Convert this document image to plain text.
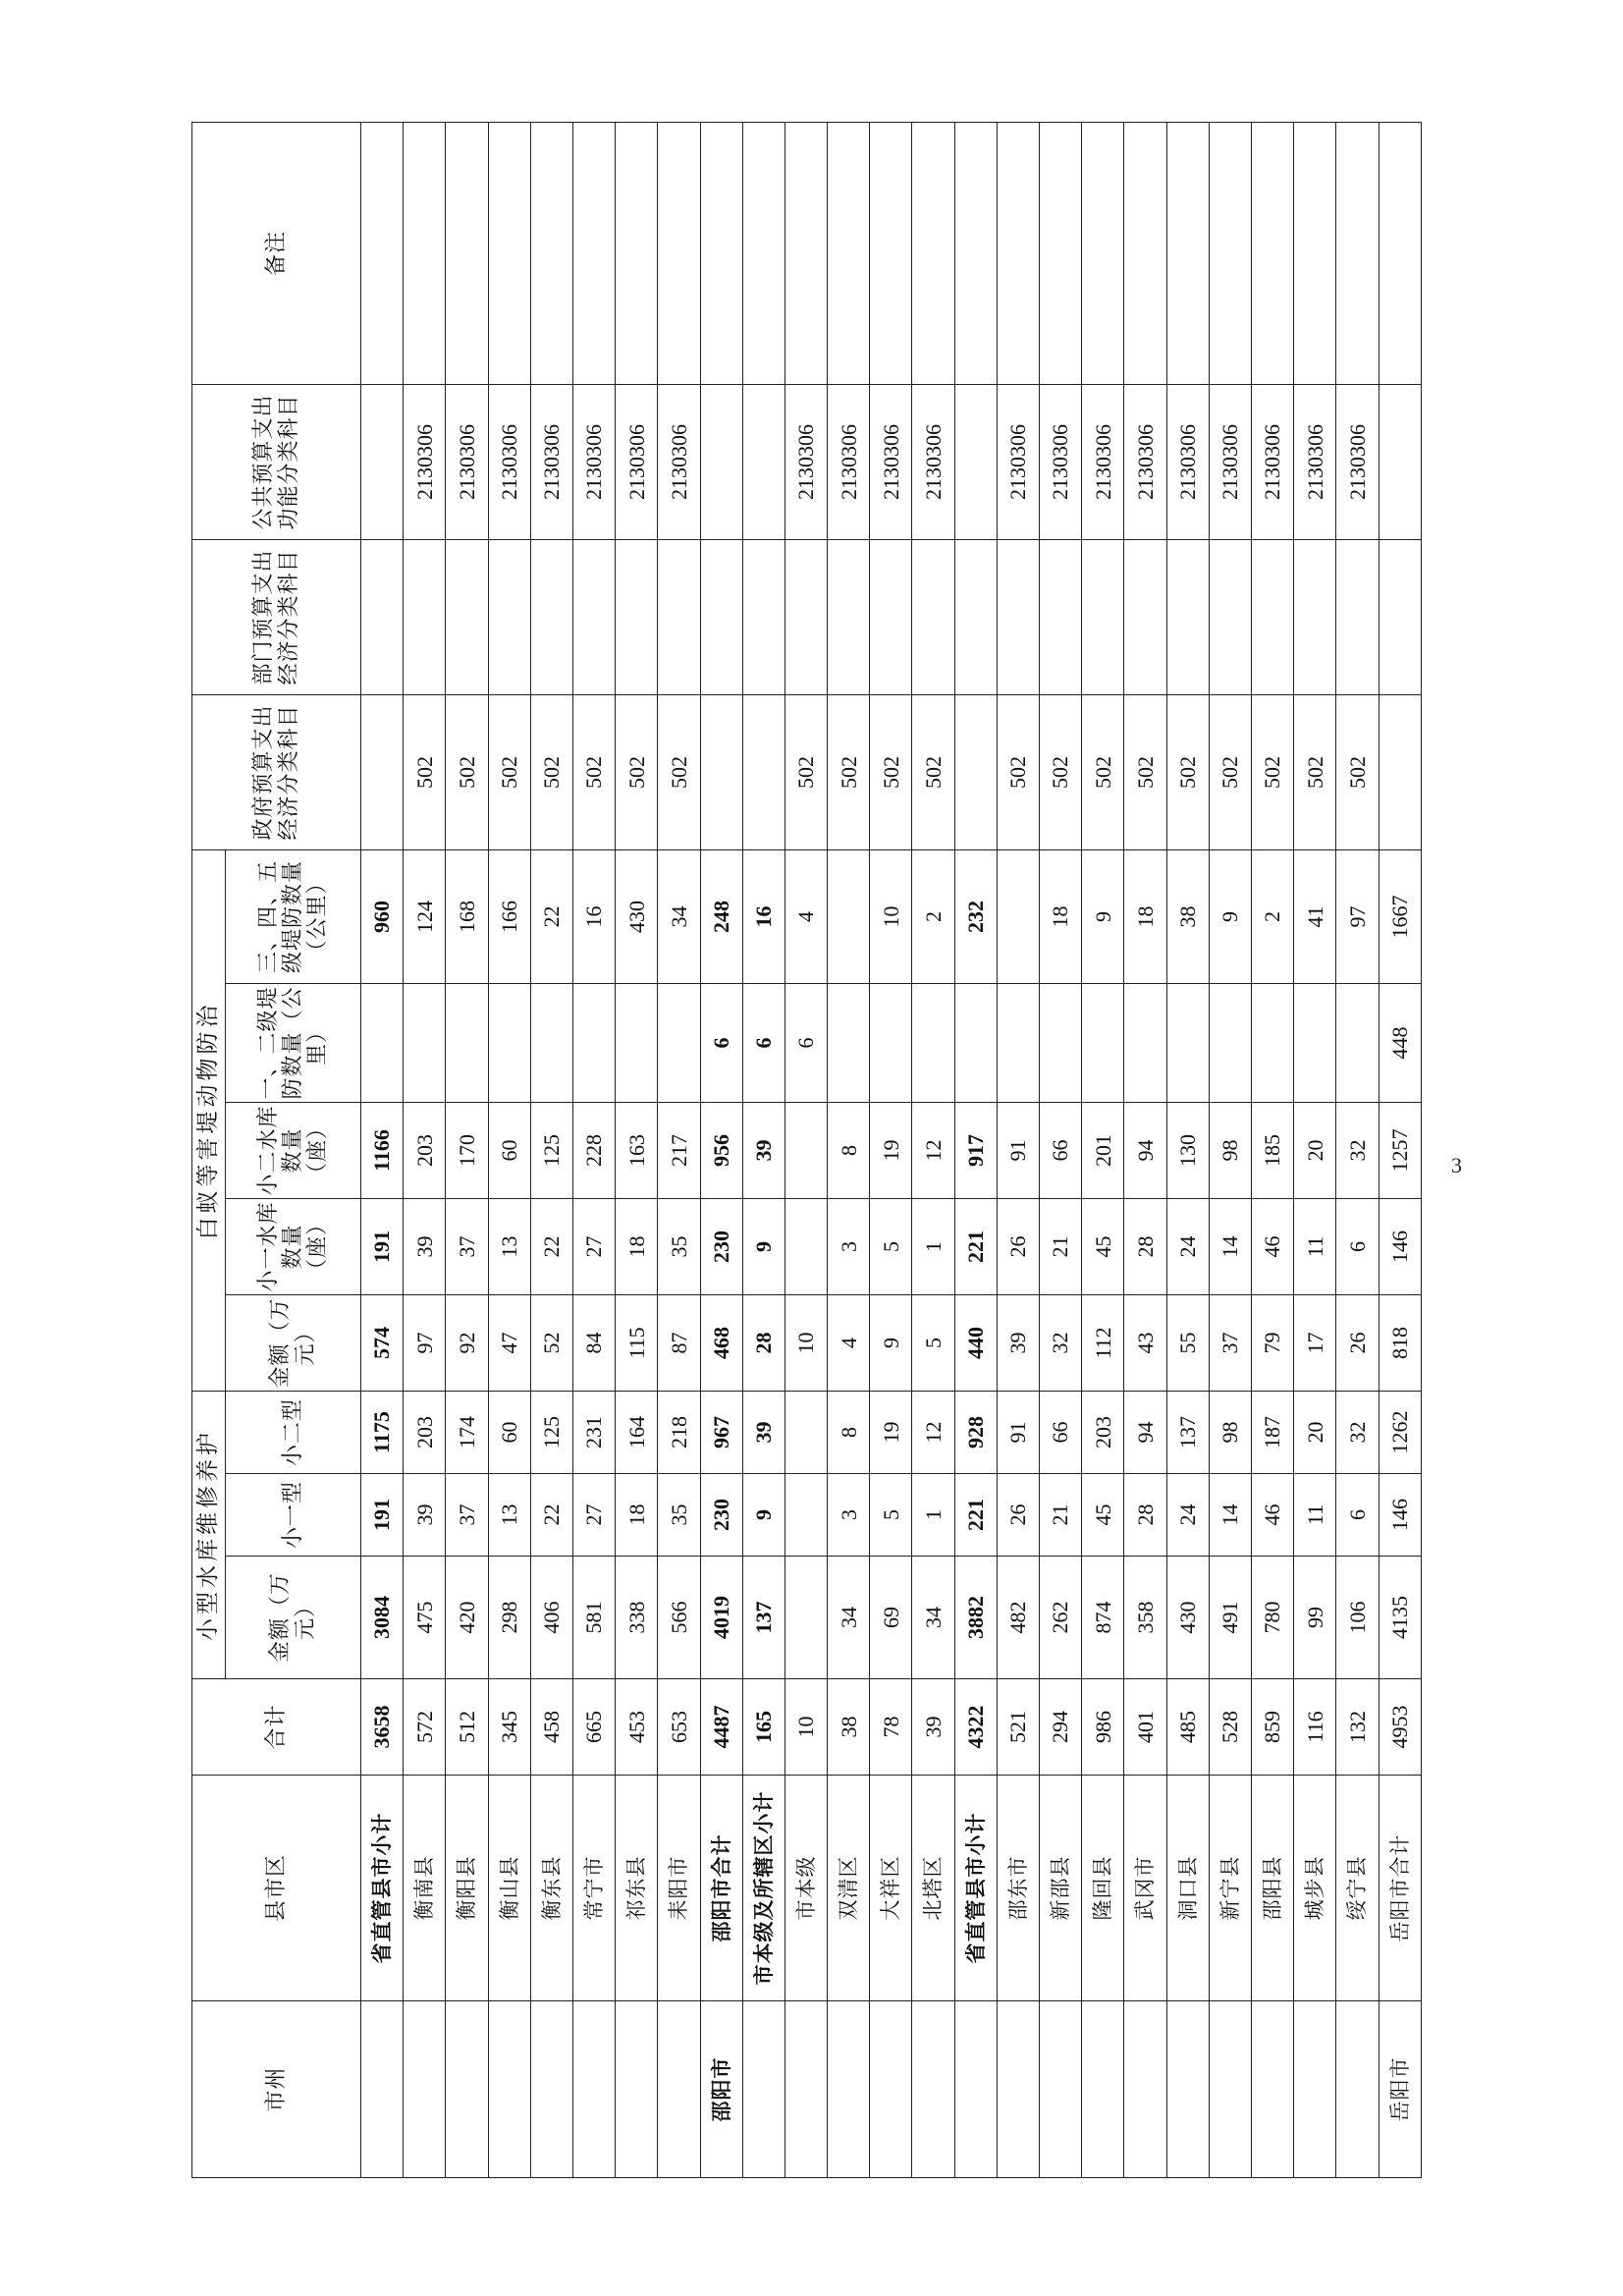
市州	县市区	合计	小型水库维修养护			白蚁等害堤动物防治					政府预算支出经济分类科目	部门预算支出经济分类科目	公共预算支出功能分类科目	备注
			金额（万元）	小一型	小二型	金额（万元）	小一水库数量（座）	小二水库数量（座）	一、二级堤防数量（公里）	三、四、五级堤防数量（公里）				
	省直管县市小计	3658	3084	191	1175	574	191	1166		960				
	衡南县	572	475	39	203	97	39	203		124	502		2130306	
	衡阳县	512	420	37	174	92	37	170		168	502		2130306	
	衡山县	345	298	13	60	47	13	60		166	502		2130306	
	衡东县	458	406	22	125	52	22	125		22	502		2130306	
	常宁市	665	581	27	231	84	27	228		16	502		2130306	
	祁东县	453	338	18	164	115	18	163		430	502		2130306	
	耒阳市	653	566	35	218	87	35	217		34	502		2130306	
邵阳市	邵阳市合计	4487	4019	230	967	468	230	956	6	248				
	市本级及所辖区小计	165	137	9	39	28	9	39	6	16				
	市本级	10				10			6	4	502		2130306	
	双清区	38	34	3	8	4	3	8			502		2130306	
	大祥区	78	69	5	19	9	5	19		10	502		2130306	
	北塔区	39	34	1	12	5	1	12		2	502		2130306	
	省直管县市小计	4322	3882	221	928	440	221	917		232				
	邵东市	521	482	26	91	39	26	91			502		2130306	
	新邵县	294	262	21	66	32	21	66		18	502		2130306	
	隆回县	986	874	45	203	112	45	201		9	502		2130306	
	武冈市	401	358	28	94	43	28	94		18	502		2130306	
	洞口县	485	430	24	137	55	24	130		38	502		2130306	
	新宁县	528	491	14	98	37	14	98		9	502		2130306	
	邵阳县	859	780	46	187	79	46	185		2	502		2130306	
	城步县	116	99	11	20	17	11	20		41	502		2130306	
	绥宁县	132	106	6	32	26	6	32		97	502		2130306	
岳阳市	岳阳市合计	4953	4135	146	1262	818	146	1257	448	1667				
3
